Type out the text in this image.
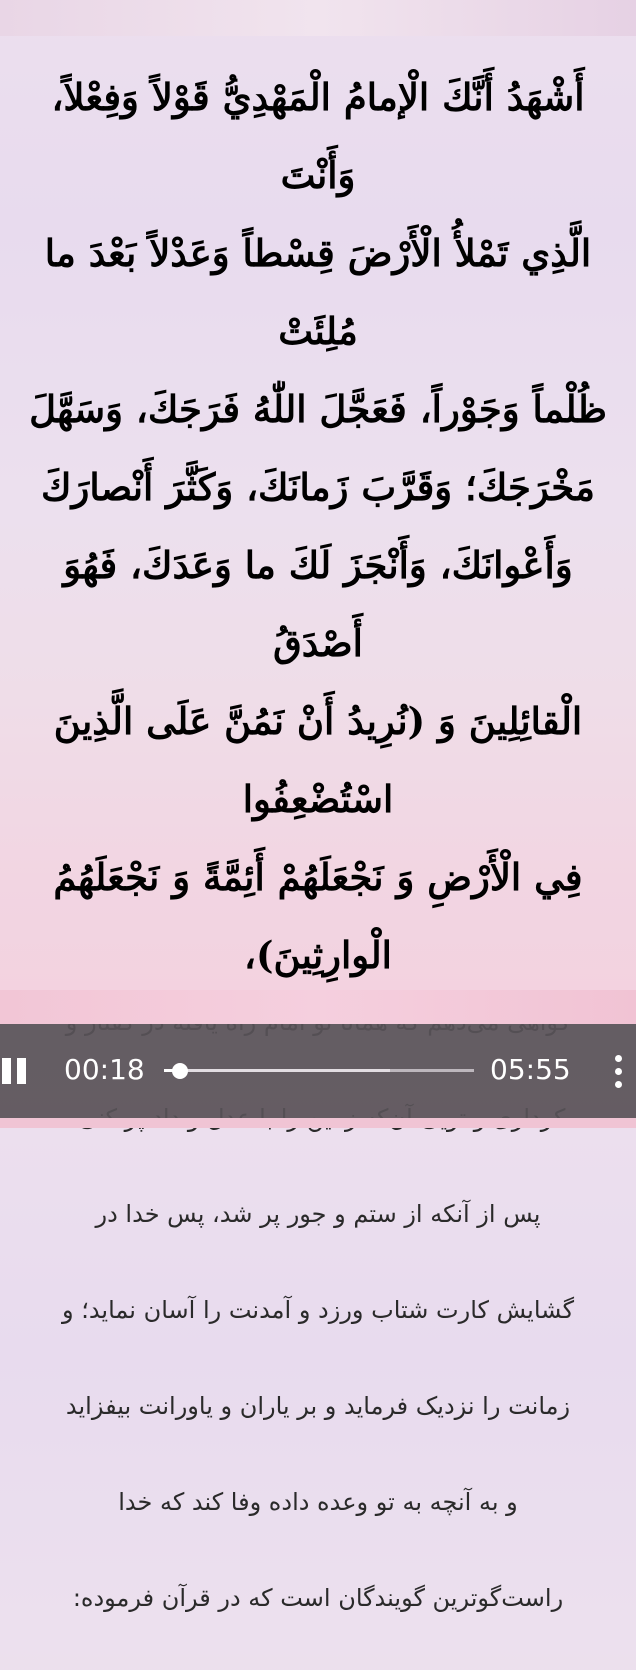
أَشْهَدُ أَنَّكَ الْإمامُ الْمَهْدِيُّ قَوْلاً وَفِعْلاً، وَأَنْتَ
الَّذِي تَمْلأُ الْأَرْضَ قِسْطاً وَعَدْلاً بَعْدَ ما مُلِئَتْ
ظُلْماً وَجَوْراً، فَعَجَّلَ اللّٰهُ فَرَجَكَ، وَسَهَّلَ
مَخْرَجَكَ؛ وَقَرَّبَ زَمانَكَ، وَكَثَّرَ أَنْصارَكَ
وَأَعْوانَكَ، وَأَنْجَزَ لَكَ ما وَعَدَكَ، فَهُوَ أَصْدَقُ
الْقائِلِينَ وَ (نُرِيدُ أَنْ نَمُنَّ عَلَى الَّذِينَ اسْتُضْعِفُوا
فِي الْأَرْضِ وَ نَجْعَلَهُمْ أَئِمَّةً وَ نَجْعَلَهُمُ
الْوارِثِينَ)،

پس از آنکه از ستم و جور پر شد، پس خدا در

گشایش کارت شتاب ورزد و آمدنت را آسان نماید؛ و

زمانت را نزدیک فرماید و بر یاران و یاورانت بیفزاید

و به آنچه به تو وعده داده وفا کند که خدا

راست‌گوترین گویندگان است که در قرآن فرموده:

00:18	05:55
